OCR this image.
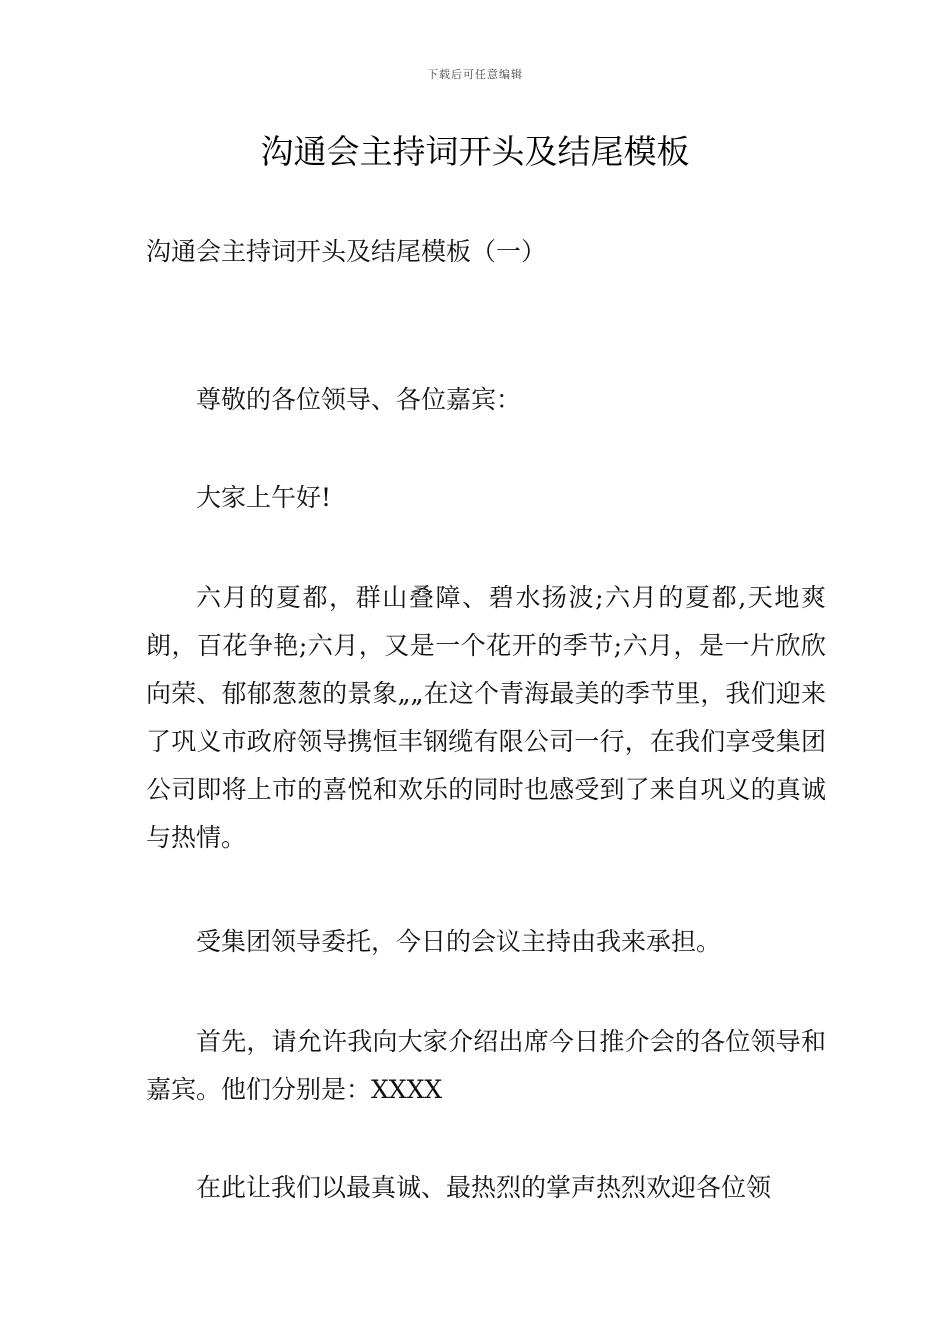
下载后可任意编辑
沟通会主持词开头及结尾模板

沟通会主持词开头及结尾模板（一）

尊敬的各位领导、各位嘉宾：

大家上午好!

六月的夏都，群山叠障、碧水扬波;六月的夏都,天地爽朗，百花争艳;六月，又是一个花开的季节;六月，是一片欣欣向荣、郁郁葱葱的景象„„在这个青海最美的季节里，我们迎来了巩义市政府领导携恒丰钢缆有限公司一行，在我们享受集团公司即将上市的喜悦和欢乐的同时也感受到了来自巩义的真诚与热情。

受集团领导委托，今日的会议主持由我来承担。

首先，请允许我向大家介绍出席今日推介会的各位领导和嘉宾。他们分别是：XXXX

在此让我们以最真诚、最热烈的掌声热烈欢迎各位领
